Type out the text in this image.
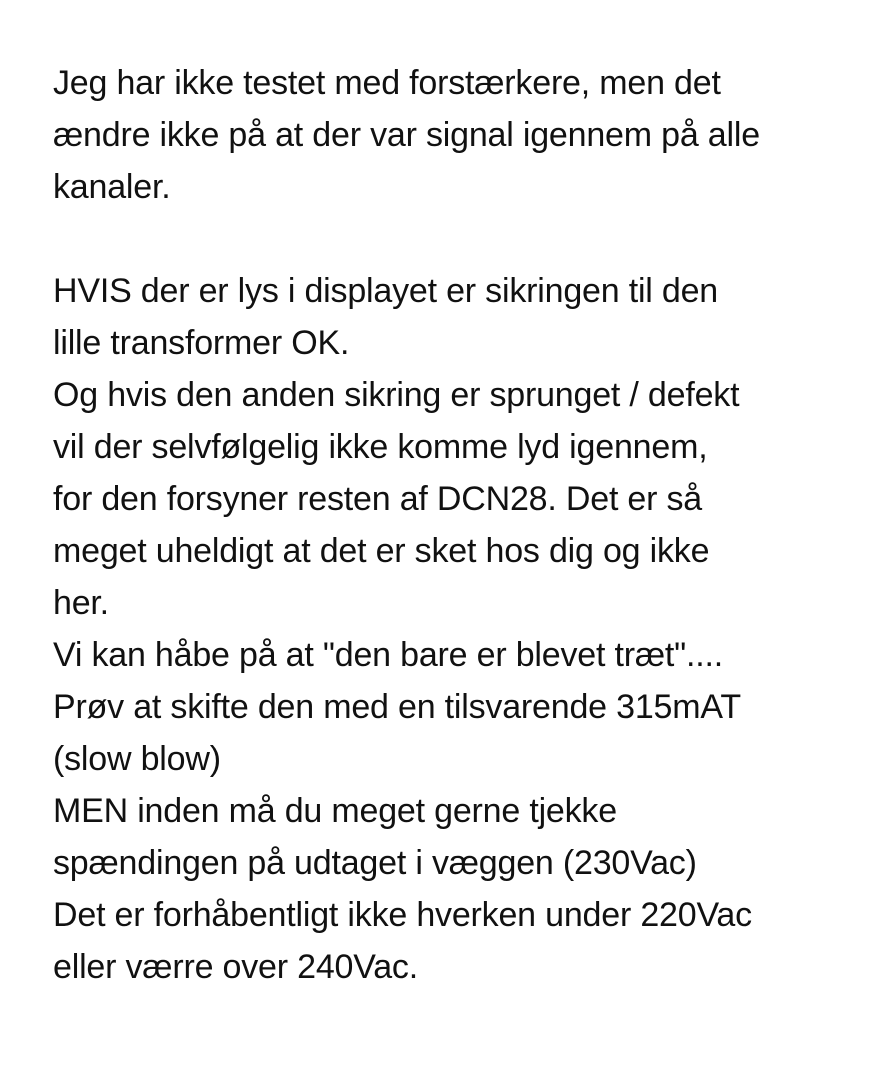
Jeg har ikke testet med forstærkere, men det
ændre ikke på at der var signal igennem på alle
kanaler.
HVIS der er lys i displayet er sikringen til den
lille transformer OK.
Og hvis den anden sikring er sprunget / defekt
vil der selvfølgelig ikke komme lyd igennem,
for den forsyner resten af DCN28. Det er så
meget uheldigt at det er sket hos dig og ikke
her.
Vi kan håbe på at "den bare er blevet træt"....
Prøv at skifte den med en tilsvarende 315mAT
(slow blow)
MEN inden må du meget gerne tjekke
spændingen på udtaget i væggen (230Vac)
Det er forhåbentligt ikke hverken under 220Vac
eller værre over 240Vac.
